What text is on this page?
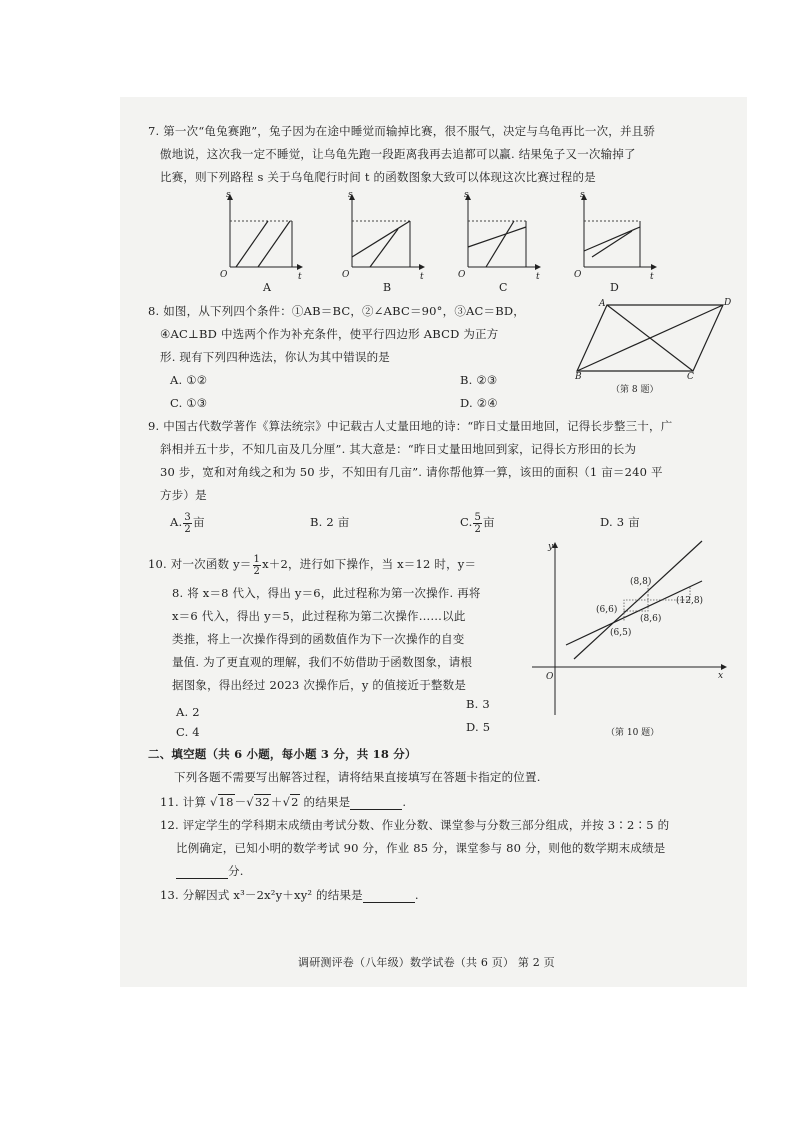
7. 第一次“龟兔赛跑”，兔子因为在途中睡觉而输掉比赛，很不服气，决定与乌龟再比一次，并且骄
傲地说，这次我一定不睡觉，让乌龟先跑一段距离我再去追都可以赢. 结果兔子又一次输掉了
比赛，则下列路程 s 关于乌龟爬行时间 t 的函数图象大致可以体现这次比赛过程的是
s
t
O
A
s
t
O
B
s
t
O
C
s
t
O
D
8. 如图，从下列四个条件：①AB＝BC，②∠ABC＝90°，③AC＝BD，
④AC⊥BD 中选两个作为补充条件，使平行四边形 ABCD 为正方
形. 现有下列四种选法，你认为其中错误的是
A. ①②	B. ②③
C. ①③	D. ②④
A
B	C
D
（第 8 题）
9. 中国古代数学著作《算法统宗》中记载古人丈量田地的诗：“昨日丈量田地回，记得长步整三十，广
斜相并五十步，不知几亩及几分厘”. 其大意是：“昨日丈量田地回到家，记得长方形田的长为
30 步，宽和对角线之和为 50 步，不知田有几亩”. 请你帮他算一算，该田的面积（1 亩＝240 平
方步）是
A. $\frac{3}{2}$ 亩	B. 2 亩	C. $\frac{5}{2}$ 亩	D. 3 亩
10. 对一次函数 $y= \frac{1}{2} x+2$，进行如下操作，当 x＝12 时，y＝
8. 将 x＝8 代入，得出 y＝6，此过程称为第一次操作. 再将
x＝6 代入，得出 y＝5，此过程称为第二次操作……以此
类推，将上一次操作得到的函数值作为下一次操作的自变
量值. 为了更直观的理解，我们不妨借助于函数图象，请根
据图象，得出经过 2023 次操作后，y 的值接近于整数是
A. 2
B. 3
C. 4	D. 5
y
x
O
(8,8)
(6,6)
(12,8)
(8,6)
(6,5)
（第 10 题）
二、填空题（共 6 小题，每小题 3 分，共 18 分）
下列各题不需要写出解答过程，请将结果直接填写在答题卡指定的位置.
11. 计算 √18－√32＋√2 的结果是	.
12. 评定学生的学科期末成绩由考试分数、作业分数、课堂参与分数三部分组成，并按 3∶2∶5 的
比例确定，已知小明的数学考试 90 分，作业 85 分，课堂参与 80 分，则他的数学期末成绩是
分.
13. 分解因式 x³－2x²y＋xy² 的结果是	.
调研测评卷（八年级）数学试卷（共 6 页） 第 2 页
